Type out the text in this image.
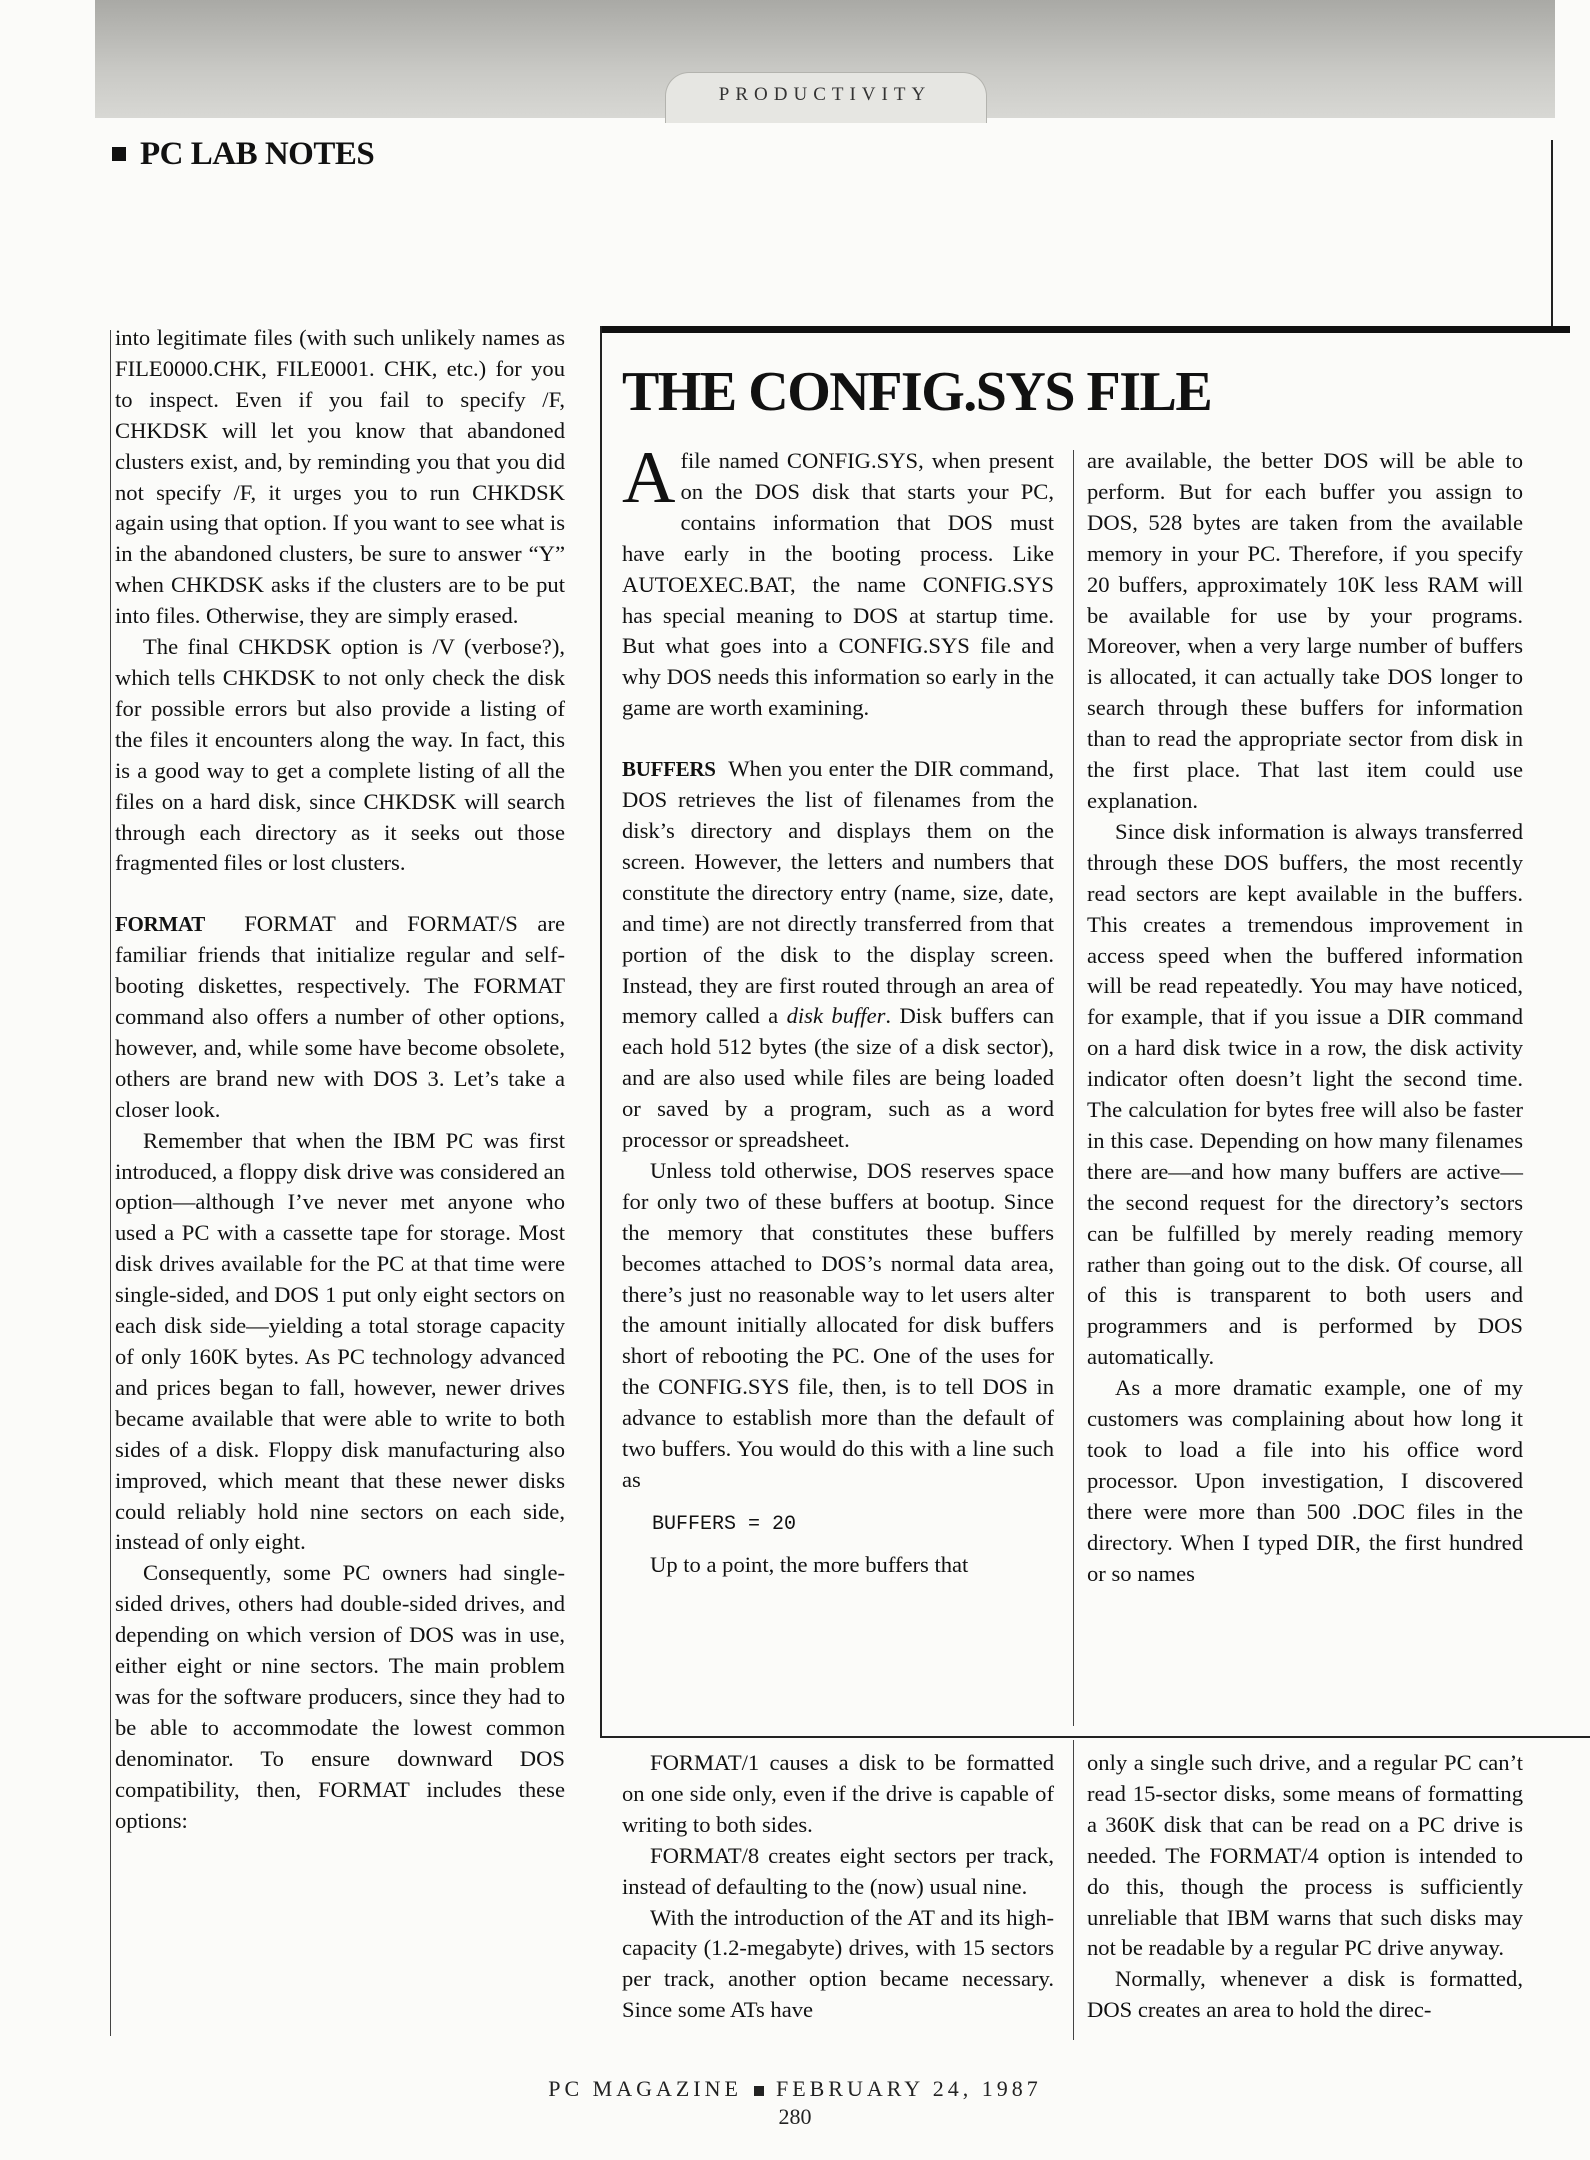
PRODUCTIVITY
PC LAB NOTES

into legitimate files (with such unlikely names as FILE0000.CHK, FILE0001. CHK, etc.) for you to inspect. Even if you fail to specify /F, CHKDSK will let you know that abandoned clusters exist, and, by reminding you that you did not specify /F, it urges you to run CHKDSK again using that option. If you want to see what is in the abandoned clusters, be sure to answer “Y” when CHKDSK asks if the clusters are to be put into files. Otherwise, they are simply erased.

The final CHKDSK option is /V (verbose?), which tells CHKDSK to not only check the disk for possible errors but also provide a listing of the files it encounters along the way. In fact, this is a good way to get a complete listing of all the files on a hard disk, since CHKDSK will search through each directory as it seeks out those fragmented files or lost clusters.

FORMAT FORMAT and FORMAT/S are familiar friends that initialize regular and self-booting diskettes, respectively. The FORMAT command also offers a number of other options, however, and, while some have become obsolete, others are brand new with DOS 3. Let’s take a closer look.

Remember that when the IBM PC was first introduced, a floppy disk drive was considered an option—although I’ve never met anyone who used a PC with a cassette tape for storage. Most disk drives available for the PC at that time were single-sided, and DOS 1 put only eight sectors on each disk side—yielding a total storage capacity of only 160K bytes. As PC technology advanced and prices began to fall, however, newer drives became available that were able to write to both sides of a disk. Floppy disk manufacturing also improved, which meant that these newer disks could reliably hold nine sectors on each side, instead of only eight.

Consequently, some PC owners had single-sided drives, others had double-sided drives, and depending on which version of DOS was in use, either eight or nine sectors. The main problem was for the software producers, since they had to be able to accommodate the lowest common denominator. To ensure downward DOS compatibility, then, FORMAT includes these options:

THE CONFIG.SYS FILE

Afile named CONFIG.SYS, when present on the DOS disk that starts your PC, contains information that DOS must have early in the booting process. Like AUTOEXEC.BAT, the name CONFIG.SYS has special meaning to DOS at startup time. But what goes into a CONFIG.SYS file and why DOS needs this information so early in the game are worth examining.

BUFFERS When you enter the DIR command, DOS retrieves the list of filenames from the disk’s directory and displays them on the screen. However, the letters and numbers that constitute the directory entry (name, size, date, and time) are not directly transferred from that portion of the disk to the display screen. Instead, they are first routed through an area of memory called a disk buffer. Disk buffers can each hold 512 bytes (the size of a disk sector), and are also used while files are being loaded or saved by a program, such as a word processor or spreadsheet.

Unless told otherwise, DOS reserves space for only two of these buffers at bootup. Since the memory that constitutes these buffers becomes attached to DOS’s normal data area, there’s just no reasonable way to let users alter the amount initially allocated for disk buffers short of rebooting the PC. One of the uses for the CONFIG.SYS file, then, is to tell DOS in advance to establish more than the default of two buffers. You would do this with a line such as

BUFFERS = 20

Up to a point, the more buffers that

are available, the better DOS will be able to perform. But for each buffer you assign to DOS, 528 bytes are taken from the available memory in your PC. Therefore, if you specify 20 buffers, approximately 10K less RAM will be available for use by your programs. Moreover, when a very large number of buffers is allocated, it can actually take DOS longer to search through these buffers for information than to read the appropriate sector from disk in the first place. That last item could use explanation.

Since disk information is always transferred through these DOS buffers, the most recently read sectors are kept available in the buffers. This creates a tremendous improvement in access speed when the buffered information will be read repeatedly. You may have noticed, for example, that if you issue a DIR command on a hard disk twice in a row, the disk activity indicator often doesn’t light the second time. The calculation for bytes free will also be faster in this case. Depending on how many filenames there are—and how many buffers are active—the second request for the directory’s sectors can be fulfilled by merely reading memory rather than going out to the disk. Of course, all of this is transparent to both users and programmers and is performed by DOS automatically.

As a more dramatic example, one of my customers was complaining about how long it took to load a file into his office word processor. Upon investigation, I discovered there were more than 500 .DOC files in the directory. When I typed DIR, the first hundred or so names

FORMAT/1 causes a disk to be formatted on one side only, even if the drive is capable of writing to both sides.

FORMAT/8 creates eight sectors per track, instead of defaulting to the (now) usual nine.

With the introduction of the AT and its high-capacity (1.2-megabyte) drives, with 15 sectors per track, another option became necessary. Since some ATs have

only a single such drive, and a regular PC can’t read 15-sector disks, some means of formatting a 360K disk that can be read on a PC drive is needed. The FORMAT/4 option is intended to do this, though the process is sufficiently unreliable that IBM warns that such disks may not be readable by a regular PC drive anyway.

Normally, whenever a disk is formatted, DOS creates an area to hold the direc-

PC MAGAZINE FEBRUARY 24, 1987
280
